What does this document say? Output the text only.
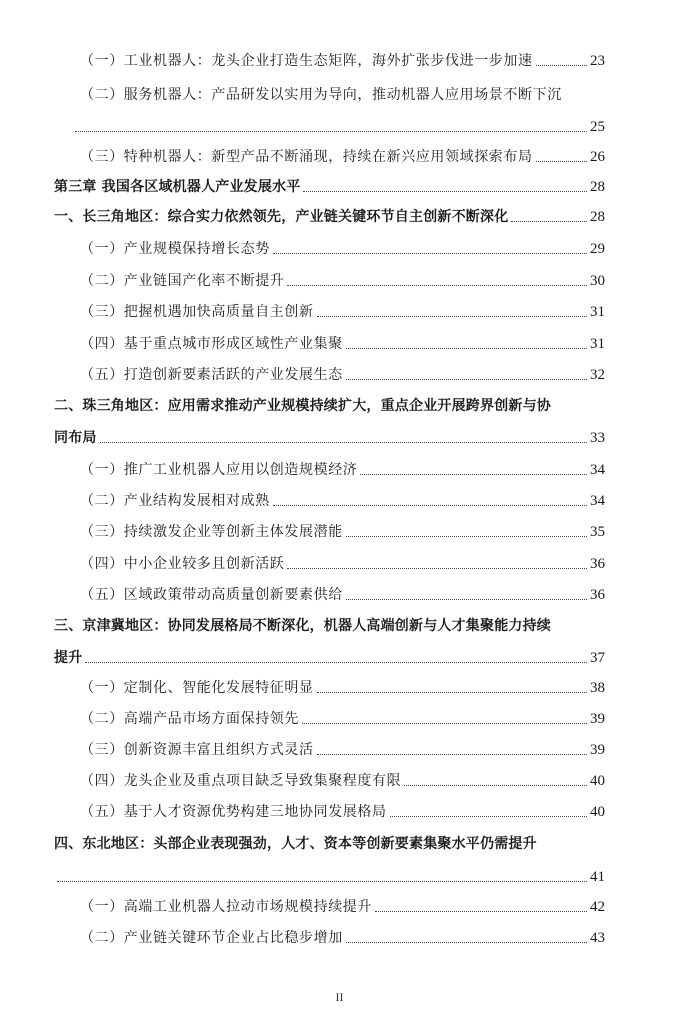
（一）工业机器人：龙头企业打造生态矩阵，海外扩张步伐进一步加速	23
（二）服务机器人：产品研发以实用为导向，推动机器人应用场景不断下沉
25
（三）特种机器人：新型产品不断涌现，持续在新兴应用领域探索布局	26
第三章 我国各区域机器人产业发展水平	28
一、长三角地区：综合实力依然领先，产业链关键环节自主创新不断深化	28
（一）产业规模保持增长态势	29
（二）产业链国产化率不断提升	30
（三）把握机遇加快高质量自主创新	31
（四）基于重点城市形成区域性产业集聚	31
（五）打造创新要素活跃的产业发展生态	32
二、珠三角地区：应用需求推动产业规模持续扩大，重点企业开展跨界创新与协
同布局	33
（一）推广工业机器人应用以创造规模经济	34
（二）产业结构发展相对成熟	34
（三）持续激发企业等创新主体发展潜能	35
（四）中小企业较多且创新活跃	36
（五）区域政策带动高质量创新要素供给	36
三、京津冀地区：协同发展格局不断深化，机器人高端创新与人才集聚能力持续
提升	37
（一）定制化、智能化发展特征明显	38
（二）高端产品市场方面保持领先	39
（三）创新资源丰富且组织方式灵活	39
（四）龙头企业及重点项目缺乏导致集聚程度有限	40
（五）基于人才资源优势构建三地协同发展格局	40
四、东北地区：头部企业表现强劲，人才、资本等创新要素集聚水平仍需提升
41
（一）高端工业机器人拉动市场规模持续提升	42
（二）产业链关键环节企业占比稳步增加	43
II
